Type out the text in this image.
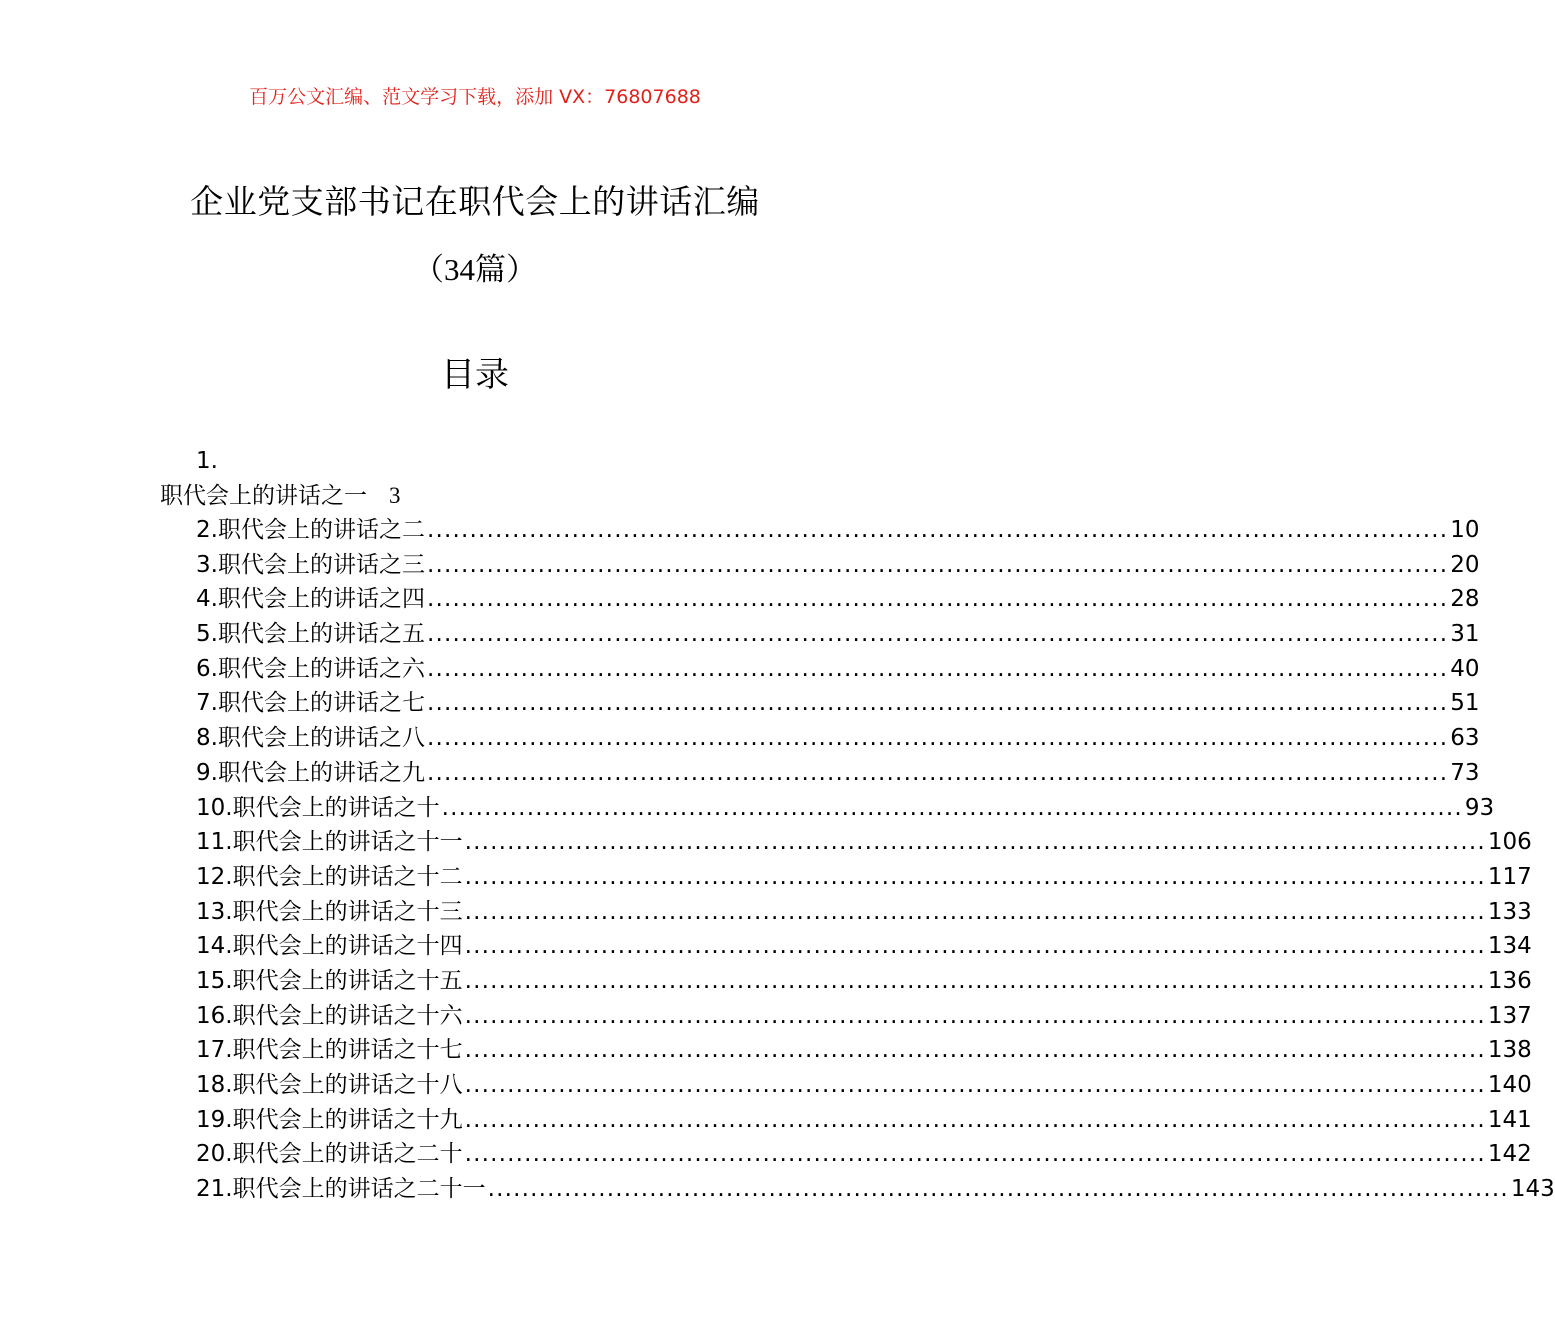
百万公文汇编、范文学习下载，添加 VX：76807688
企业党支部书记在职代会上的讲话汇编
（34篇）
目录
1.
职代会上的讲话之一 3
2.职代会上的讲话之二 ........................................................................................................................ 10
3.职代会上的讲话之三 ........................................................................................................................ 20
4.职代会上的讲话之四 ........................................................................................................................ 28
5.职代会上的讲话之五 ........................................................................................................................ 31
6.职代会上的讲话之六 ........................................................................................................................ 40
7.职代会上的讲话之七 ........................................................................................................................ 51
8.职代会上的讲话之八 ........................................................................................................................ 63
9.职代会上的讲话之九 ........................................................................................................................ 73
10.职代会上的讲话之十 ........................................................................................................................ 93
11.职代会上的讲话之十一 ........................................................................................................................ 106
12.职代会上的讲话之十二 ........................................................................................................................ 117
13.职代会上的讲话之十三 ........................................................................................................................ 133
14.职代会上的讲话之十四 ........................................................................................................................ 134
15.职代会上的讲话之十五 ........................................................................................................................ 136
16.职代会上的讲话之十六 ........................................................................................................................ 137
17.职代会上的讲话之十七 ........................................................................................................................ 138
18.职代会上的讲话之十八 ........................................................................................................................ 140
19.职代会上的讲话之十九 ........................................................................................................................ 141
20.职代会上的讲话之二十 ........................................................................................................................ 142
21.职代会上的讲话之二十一 ........................................................................................................................ 143
